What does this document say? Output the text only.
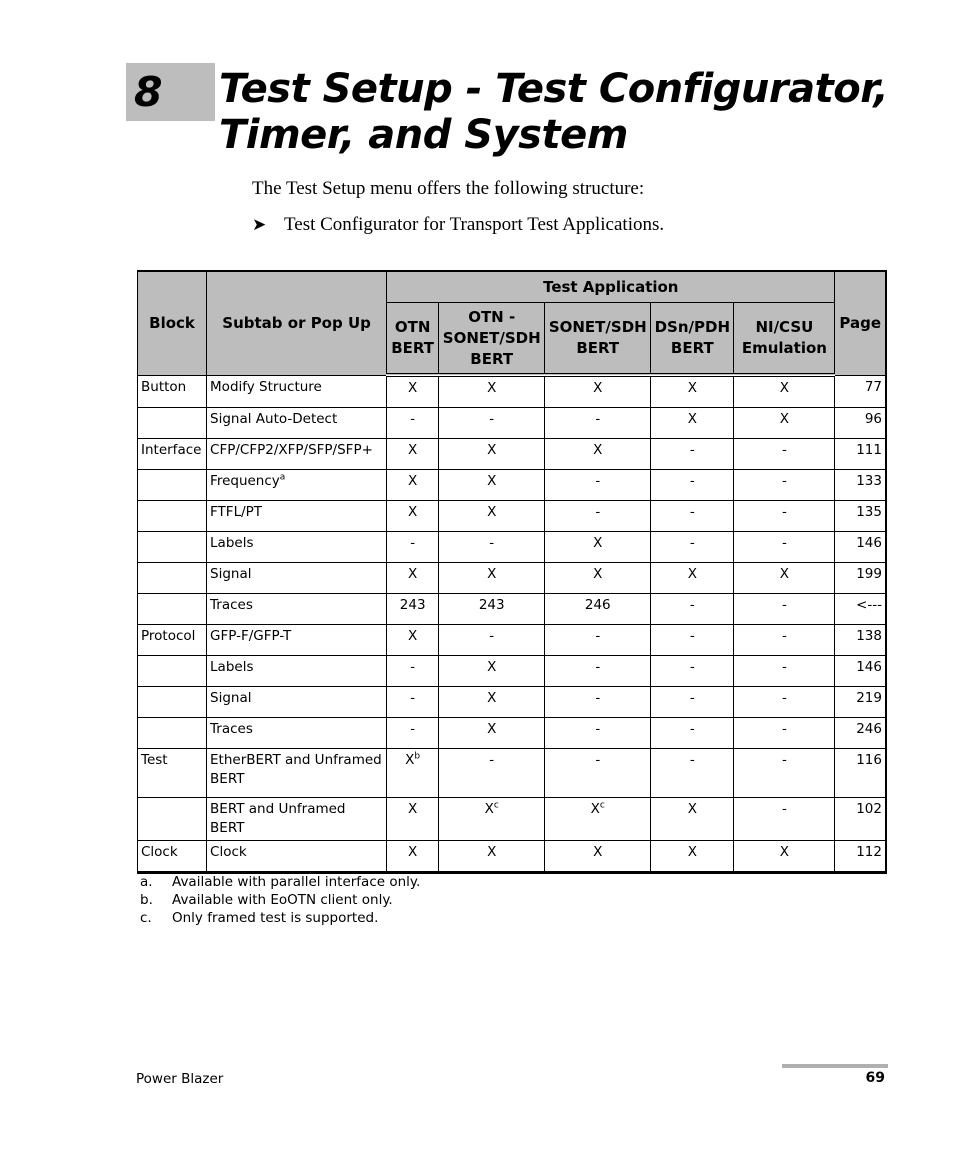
8 Test Setup - Test Configurator, Timer, and System
The Test Setup menu offers the following structure:
➤ Test Configurator for Transport Test Applications.
Block	Subtab or Pop Up	Test Application					Page
		OTN BERT	OTN - SONET/SDH BERT	SONET/SDH BERT	DSn/PDH BERT	NI/CSU Emulation	
Button	Modify Structure	X	X	X	X	X	77
	Signal Auto-Detect	-	-	-	X	X	96
Interface	CFP/CFP2/XFP/SFP/SFP+	X	X	X	-	-	111
	Frequency$^a$	X	X	-	-	-	133
	FTFL/PT	X	X	-	-	-	135
	Labels	-	-	X	-	-	146
	Signal	X	X	X	X	X	199
	Traces	243	243	246	-	-	<---
Protocol	GFP-F/GFP-T	X	-	-	-	-	138
	Labels	-	X	-	-	-	146
	Signal	-	X	-	-	-	219
	Traces	-	X	-	-	-	246
Test	EtherBERT and Unframed BERT	$X^b$	-	-	-	-	116
	BERT and Unframed BERT	X	$X^c$	$X^c$	X	-	102
Clock	Clock	X	X	X	X	X	112
a.	Available with parallel interface only.
b.	Available with EoOTN client only.
c.	Only framed test is supported.
Power Blazer	69
